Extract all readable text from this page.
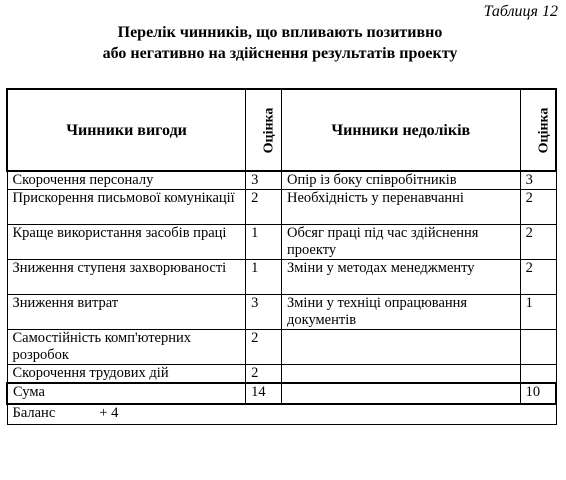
Таблиця 12
Перелік чинників, що впливають позитивно
або негативно на здійснення результатів проекту
Чинники вигоди	Оцінка	Чинники недоліків	Оцінка
Скорочення персоналу	3	Опір із боку співробітників	3
Прискорення письмової комунікації	2	Необхідність у перенавчанні	2
Краще використання засобів праці	1	Обсяг праці під час здійснення проекту	2
Зниження ступеня захворюваності	1	Зміни у методах менеджменту	2
Зниження витрат	3	Зміни у техніці опрацювання документів	1
Самостійність комп'ютерних розробок	2		
Скорочення трудових дій	2		
Сума	14		10
Баланс + 4			
